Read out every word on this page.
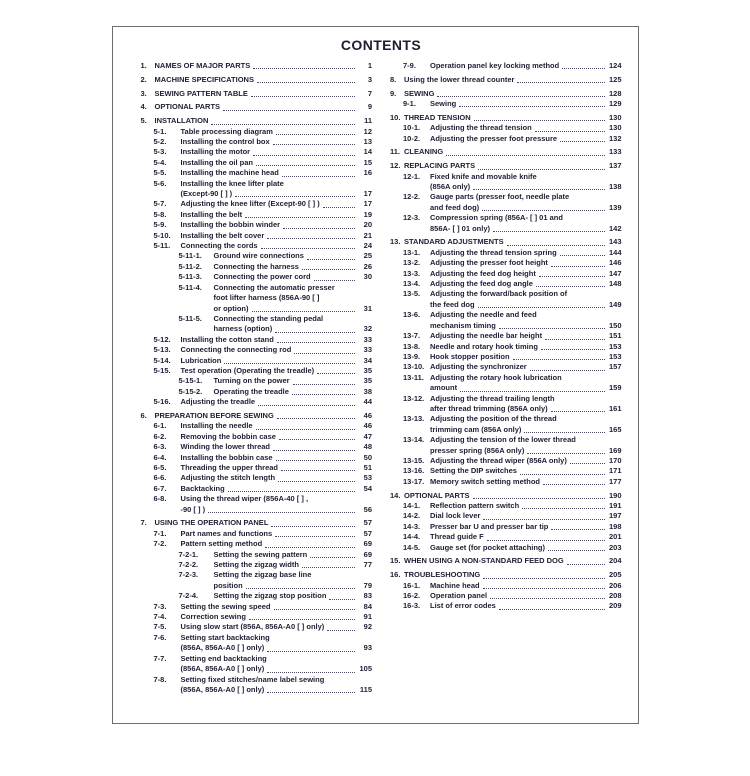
CONTENTS
1.	NAMES OF MAJOR PARTS	1
2.	MACHINE SPECIFICATIONS	3
3.	SEWING PATTERN TABLE	7
4.	OPTIONAL PARTS	9
5.	INSTALLATION	11
5-1.	Table processing diagram	12
5-2.	Installing the control box	13
5-3.	Installing the motor	14
5-4.	Installing the oil pan	15
5-5.	Installing the machine head	16
5-6.	Installing the knee lifter plate
(Except-90 [ ] )	17
5-7.	Adjusting the knee lifter (Except-90 [ ] )	17
5-8.	Installing the belt	19
5-9.	Installing the bobbin winder	20
5-10.	Installing the belt cover	21
5-11.	Connecting the cords	24
5-11-1.	Ground wire connections	25
5-11-2.	Connecting the harness	26
5-11-3.	Connecting the power cord	30
5-11-4.	Connecting the automatic presser
foot lifter harness (856A-90 [ ]
or option)	31
5-11-5.	Connecting the standing pedal
harness (option)	32
5-12.	Installing the cotton stand	33
5-13.	Connecting the connecting rod	33
5-14.	Lubrication	34
5-15.	Test operation (Operating the treadle)	35
5-15-1.	Turning on the power	35
5-15-2.	Operating the treadle	38
5-16.	Adjusting the treadle	44
6.	PREPARATION BEFORE SEWING	46
6-1.	Installing the needle	46
6-2.	Removing the bobbin case	47
6-3.	Winding the lower thread	48
6-4.	Installing the bobbin case	50
6-5.	Threading the upper thread	51
6-6.	Adjusting the stitch length	53
6-7.	Backtacking	54
6-8.	Using the thread wiper (856A-40 [ ] ,
-90 [ ] )	56
7.	USING THE OPERATION PANEL	57
7-1.	Part names and functions	57
7-2.	Pattern setting method	69
7-2-1.	Setting the sewing pattern	69
7-2-2.	Setting the zigzag width	77
7-2-3.	Setting the zigzag base line
position	79
7-2-4.	Setting the zigzag stop position	83
7-3.	Setting the sewing speed	84
7-4.	Correction sewing	91
7-5.	Using slow start (856A, 856A-A0 [ ] only)	92
7-6.	Setting start backtacking
(856A, 856A-A0 [ ] only)	93
7-7.	Setting end backtacking
(856A, 856A-A0 [ ] only)	105
7-8.	Setting fixed stitches/name label sewing
(856A, 856A-A0 [ ] only)	115
7-9.	Operation panel key locking method	124
8.	Using the lower thread counter	125
9.	SEWING	128
9-1.	Sewing	129
10. THREAD TENSION	130
10-1.	Adjusting the thread tension	130
10-2.	Adjusting the presser foot pressure	132
11. CLEANING	133
12. REPLACING PARTS	137
12-1.	Fixed knife and movable knife
(856A only)	138
12-2.	Gauge parts (presser foot, needle plate
and feed dog)	139
12-3.	Compression spring (856A- [ ] 01 and
856A- [ ] 01 only)	142
13. STANDARD ADJUSTMENTS	143
13-1.	Adjusting the thread tension spring	144
13-2.	Adjusting the presser foot height	146
13-3.	Adjusting the feed dog height	147
13-4.	Adjusting the feed dog angle	148
13-5.	Adjusting the forward/back position of
the feed dog	149
13-6.	Adjusting the needle and feed
mechanism timing	150
13-7.	Adjusting the needle bar height	151
13-8.	Needle and rotary hook timing	153
13-9.	Hook stopper position	153
13-10. Adjusting the synchronizer	157
13-11. Adjusting the rotary hook lubrication
amount	159
13-12. Adjusting the thread trailing length
after thread trimming (856A only)	161
13-13. Adjusting the position of the thread
trimming cam (856A only)	165
13-14. Adjusting the tension of the lower thread
presser spring (856A only)	169
13-15. Adjusting the thread wiper (856A only)	170
13-16. Setting the DIP switches	171
13-17. Memory switch setting method	177
14. OPTIONAL PARTS	190
14-1.	Reflection pattern switch	191
14-2.	Dial lock lever	197
14-3.	Presser bar U and presser bar tip	198
14-4.	Thread guide F	201
14-5.	Gauge set (for pocket attaching)	203
15. WHEN USING A NON-STANDARD FEED DOG	204
16. TROUBLESHOOTING	205
16-1.	Machine head	206
16-2.	Operation panel	208
16-3.	List of error codes	209
